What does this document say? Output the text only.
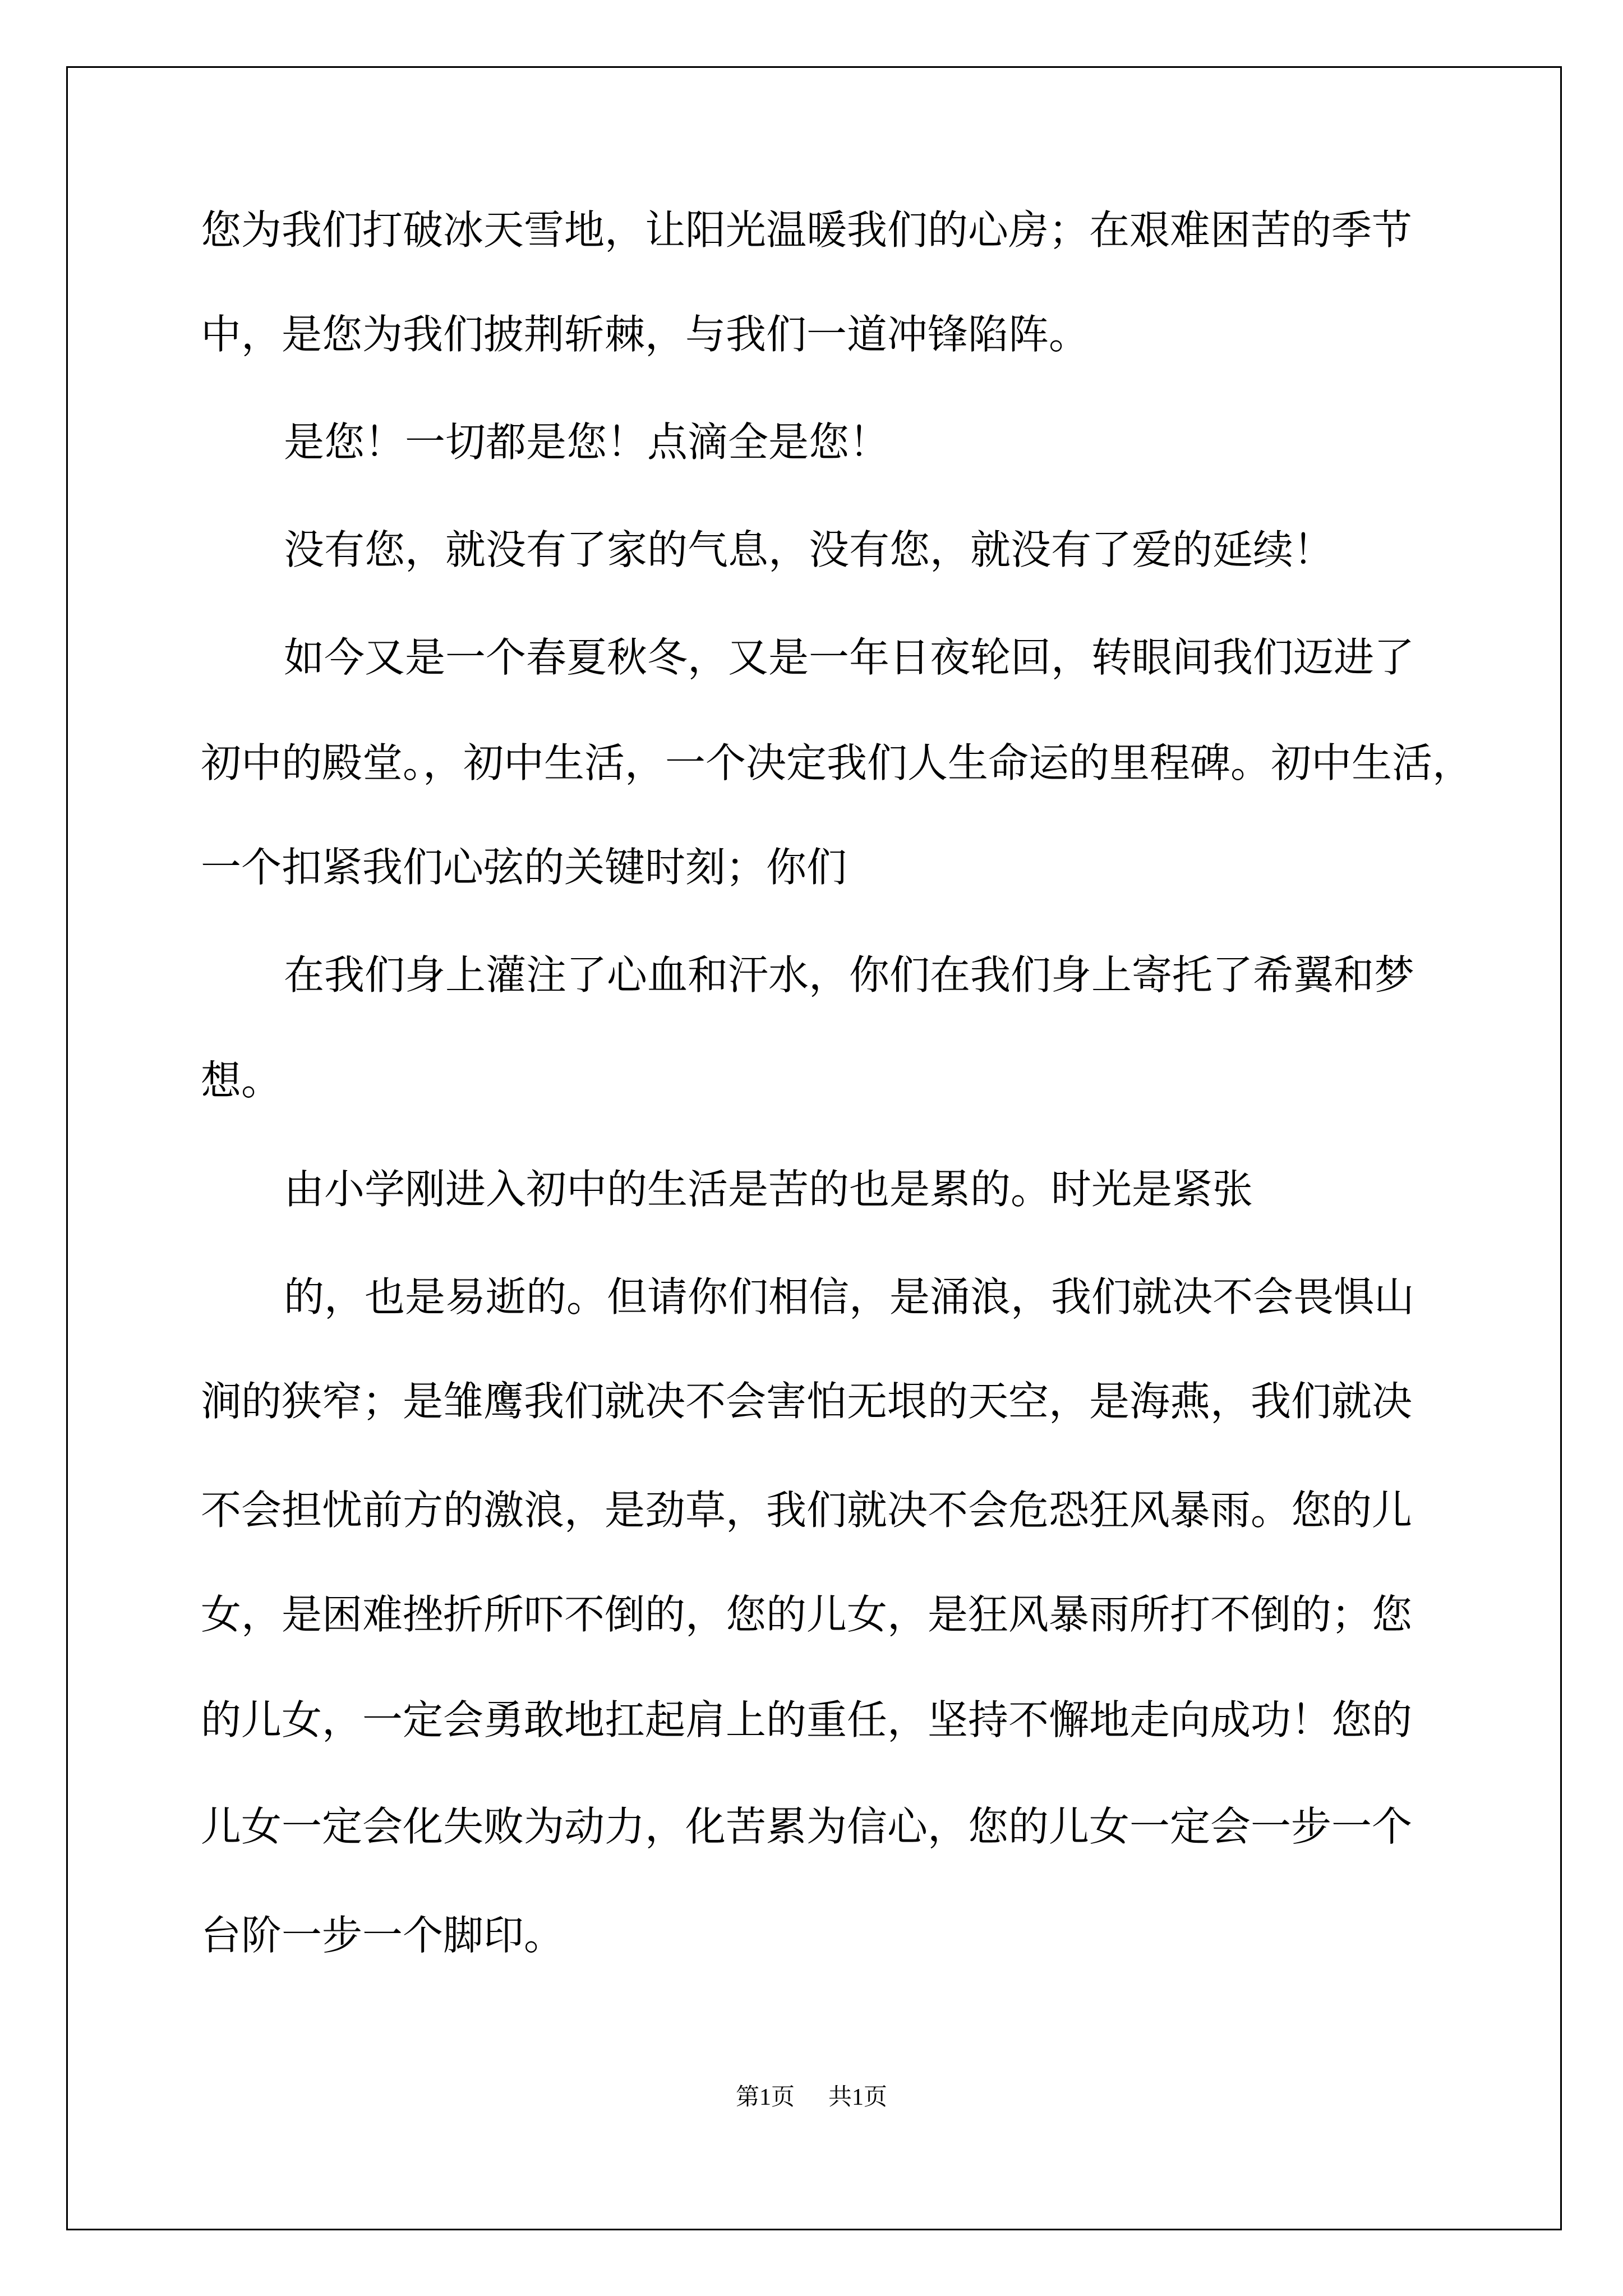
您为我们打破冰天雪地，让阳光温暖我们的心房；在艰难困苦的季节
中，是您为我们披荆斩棘，与我们一道冲锋陷阵。
是您！一切都是您！点滴全是您！
没有您，就没有了家的气息，没有您，就没有了爱的延续！
如今又是一个春夏秋冬，又是一年日夜轮回，转眼间我们迈进了
初中的殿堂。，初中生活，一个决定我们人生命运的里程碑。初中生活，
一个扣紧我们心弦的关键时刻；你们
在我们身上灌注了心血和汗水，你们在我们身上寄托了希翼和梦
想。
由小学刚进入初中的生活是苦的也是累的。时光是紧张
的，也是易逝的。但请你们相信，是涌浪，我们就决不会畏惧山
涧的狭窄；是雏鹰我们就决不会害怕无垠的天空，是海燕，我们就决
不会担忧前方的激浪，是劲草，我们就决不会危恐狂风暴雨。您的儿
女，是困难挫折所吓不倒的，您的儿女，是狂风暴雨所打不倒的；您
的儿女，一定会勇敢地扛起肩上的重任，坚持不懈地走向成功！您的
儿女一定会化失败为动力，化苦累为信心，您的儿女一定会一步一个
台阶一步一个脚印。
第1页 共1页
